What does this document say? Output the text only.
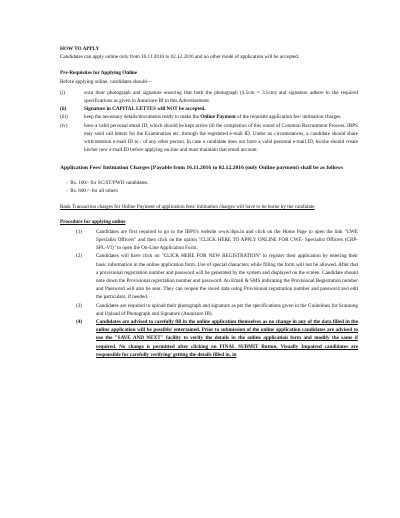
HOW TO APPLY

Candidates can apply online only from 16.11.2016 to 02.12.2016 and no other mode of application will be accepted.

Pre-Requisites for Applying Online

Before applying online, candidates should—

(i)	scan their photograph and signature ensuring that both the photograph (4.5cm × 3.5cm) and signature adhere to the required specifications as given in Annexure III to this Advertisement.
(ii)	Signature in CAPITAL LETTES will NOT be accepted.
(iii)	keep the necessary details/documents ready to make the Online Payment of the requisite application fee/ intimation charges.
(iv)	have a valid personal email ID, which should be kept active till the completion of this round of Common Recruitment Process. IBPS may send call letters for the Examination etc. through the registered e-mail ID. Under no circumstances, a candidate should share with/mention e-mail ID to / of any other person. In case a candidate does not have a valid personal e-mail ID, he/she should create his/her new e-mail ID before applying on-line and must maintain that email account.

Application Fees/ Intimation Charges [Payable from 16.11.2016 to 02.12.2016 (only Online payment) shall be as follows

-  Rs. 100/- for SC/ST/PWD candidates.

-  Rs. 600 /- for all others

Bank Transaction charges for Online Payment of application fees/ intimation charges will have to be borne by the candidate

Procedure for applying online

(1)	Candidates are first required to go to the IBPS's website www.ibps.in and click on the Home Page to open the link "CWE Specialist Officers" and then click on the option "CLICK HERE TO APPLY ONLINE FOR CWE- Specialist Officers (CRP-SPL-VI)" to open the On-Line Application Form.
(2)	Candidates will have click on "CLICK HERE FOR NEW REGISTRATION" to register their application by entering their basic information in the online application form. Use of special characters while filling the form will not be allowed. After that a provisional registration number and password will be generated by the system and displayed on the screen. Candidate should note down the Provisional registration number and password. An Email & SMS indicating the Provisional Registration number and Password will also be sent. They can reopen the saved data using Provisional registration number and password and edit the particulars, if needed.
(3)	Candidates are required to upload their photograph and signature as per the specifications given in the Guidelines for Scanning and Upload of Photograph and Signature (Annexure III).
(4)	Candidates are advised to carefully fill in the online application themselves as no change in any of the data filled in the online application will be possible/ entertained. Prior to submission of the online application candidates are advised to use the "SAVE AND NEXT" facility to verify the details in the online application form and modify the same if required. No change is permitted after clicking on FINAL SUBMIT Button. Visually Impaired candidates are responsible for carefully verifying/ getting the details filled in, in
